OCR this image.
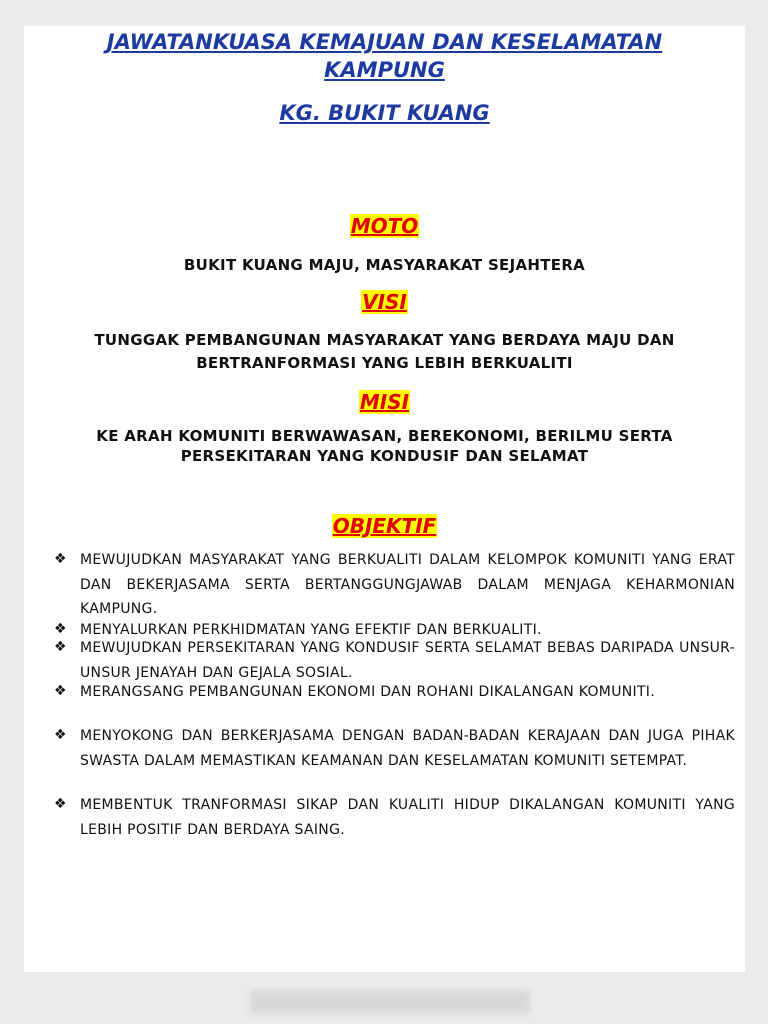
JAWATANKUASA KEMAJUAN DAN KESELAMATAN
KAMPUNG
KG. BUKIT KUANG
MOTO
BUKIT KUANG MAJU, MASYARAKAT SEJAHTERA
VISI
TUNGGAK PEMBANGUNAN MASYARAKAT YANG BERDAYA MAJU DAN
BERTRANFORMASI YANG LEBIH BERKUALITI
MISI
KE ARAH KOMUNITI BERWAWASAN, BEREKONOMI, BERILMU SERTA
PERSEKITARAN YANG KONDUSIF DAN SELAMAT
OBJEKTIF
❖ MEWUJUDKAN MASYARAKAT YANG BERKUALITI DALAM KELOMPOK KOMUNITI YANG ERAT DAN BEKERJASAMA SERTA BERTANGGUNGJAWAB DALAM MENJAGA KEHARMONIAN KAMPUNG.
❖ MENYALURKAN PERKHIDMATAN YANG EFEKTIF DAN BERKUALITI.
❖ MEWUJUDKAN PERSEKITARAN YANG KONDUSIF SERTA SELAMAT BEBAS DARIPADA UNSUR-UNSUR JENAYAH DAN GEJALA SOSIAL.
❖ MERANGSANG PEMBANGUNAN EKONOMI DAN ROHANI DIKALANGAN KOMUNITI.
❖ MENYOKONG DAN BERKERJASAMA DENGAN BADAN-BADAN KERAJAAN DAN JUGA PIHAK SWASTA DALAM MEMASTIKAN KEAMANAN DAN KESELAMATAN KOMUNITI SETEMPAT.
❖ MEMBENTUK TRANFORMASI SIKAP DAN KUALITI HIDUP DIKALANGAN KOMUNITI YANG LEBIH POSITIF DAN BERDAYA SAING.
